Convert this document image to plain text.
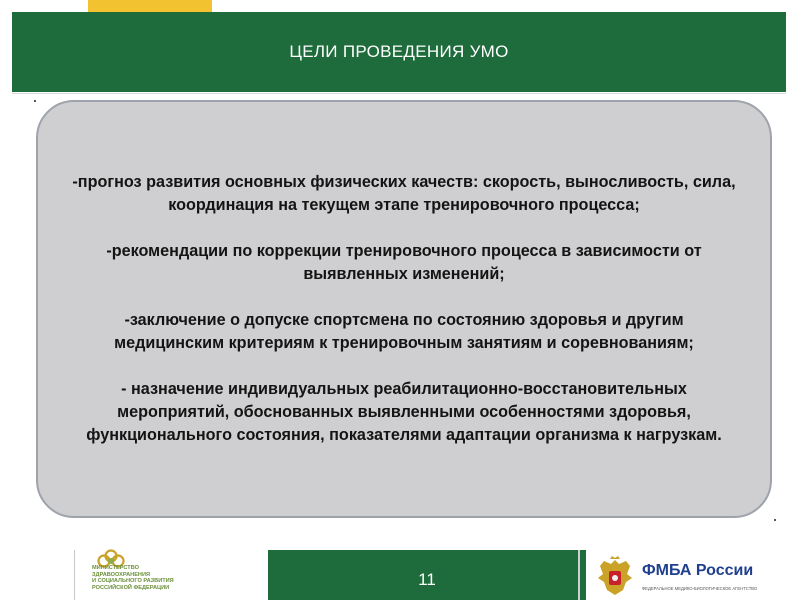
ЦЕЛИ ПРОВЕДЕНИЯ УМО

-прогноз развития основных физических качеств: скорость, выносливость, сила, координация на текущем этапе тренировочного процесса;

-рекомендации по коррекции тренировочного процесса в зависимости от выявленных изменений;

-заключение о допуске спортсмена по состоянию здоровья и другим медицинским критериям к тренировочным занятиям и соревнованиям;

- назначение индивидуальных реабилитационно-восстановительных мероприятий, обоснованных выявленными особенностями здоровья, функционального состояния, показателями адаптации организма к нагрузкам.

МИНИСТЕРСТВО
ЗДРАВООХРАНЕНИЯ
И СОЦИАЛЬНОГО РАЗВИТИЯ
РОССИЙСКОЙ ФЕДЕРАЦИИ	11	ФМБА России
ФЕДЕРАЛЬНОЕ МЕДИКО-БИОЛОГИЧЕСКОЕ АГЕНТСТВО
